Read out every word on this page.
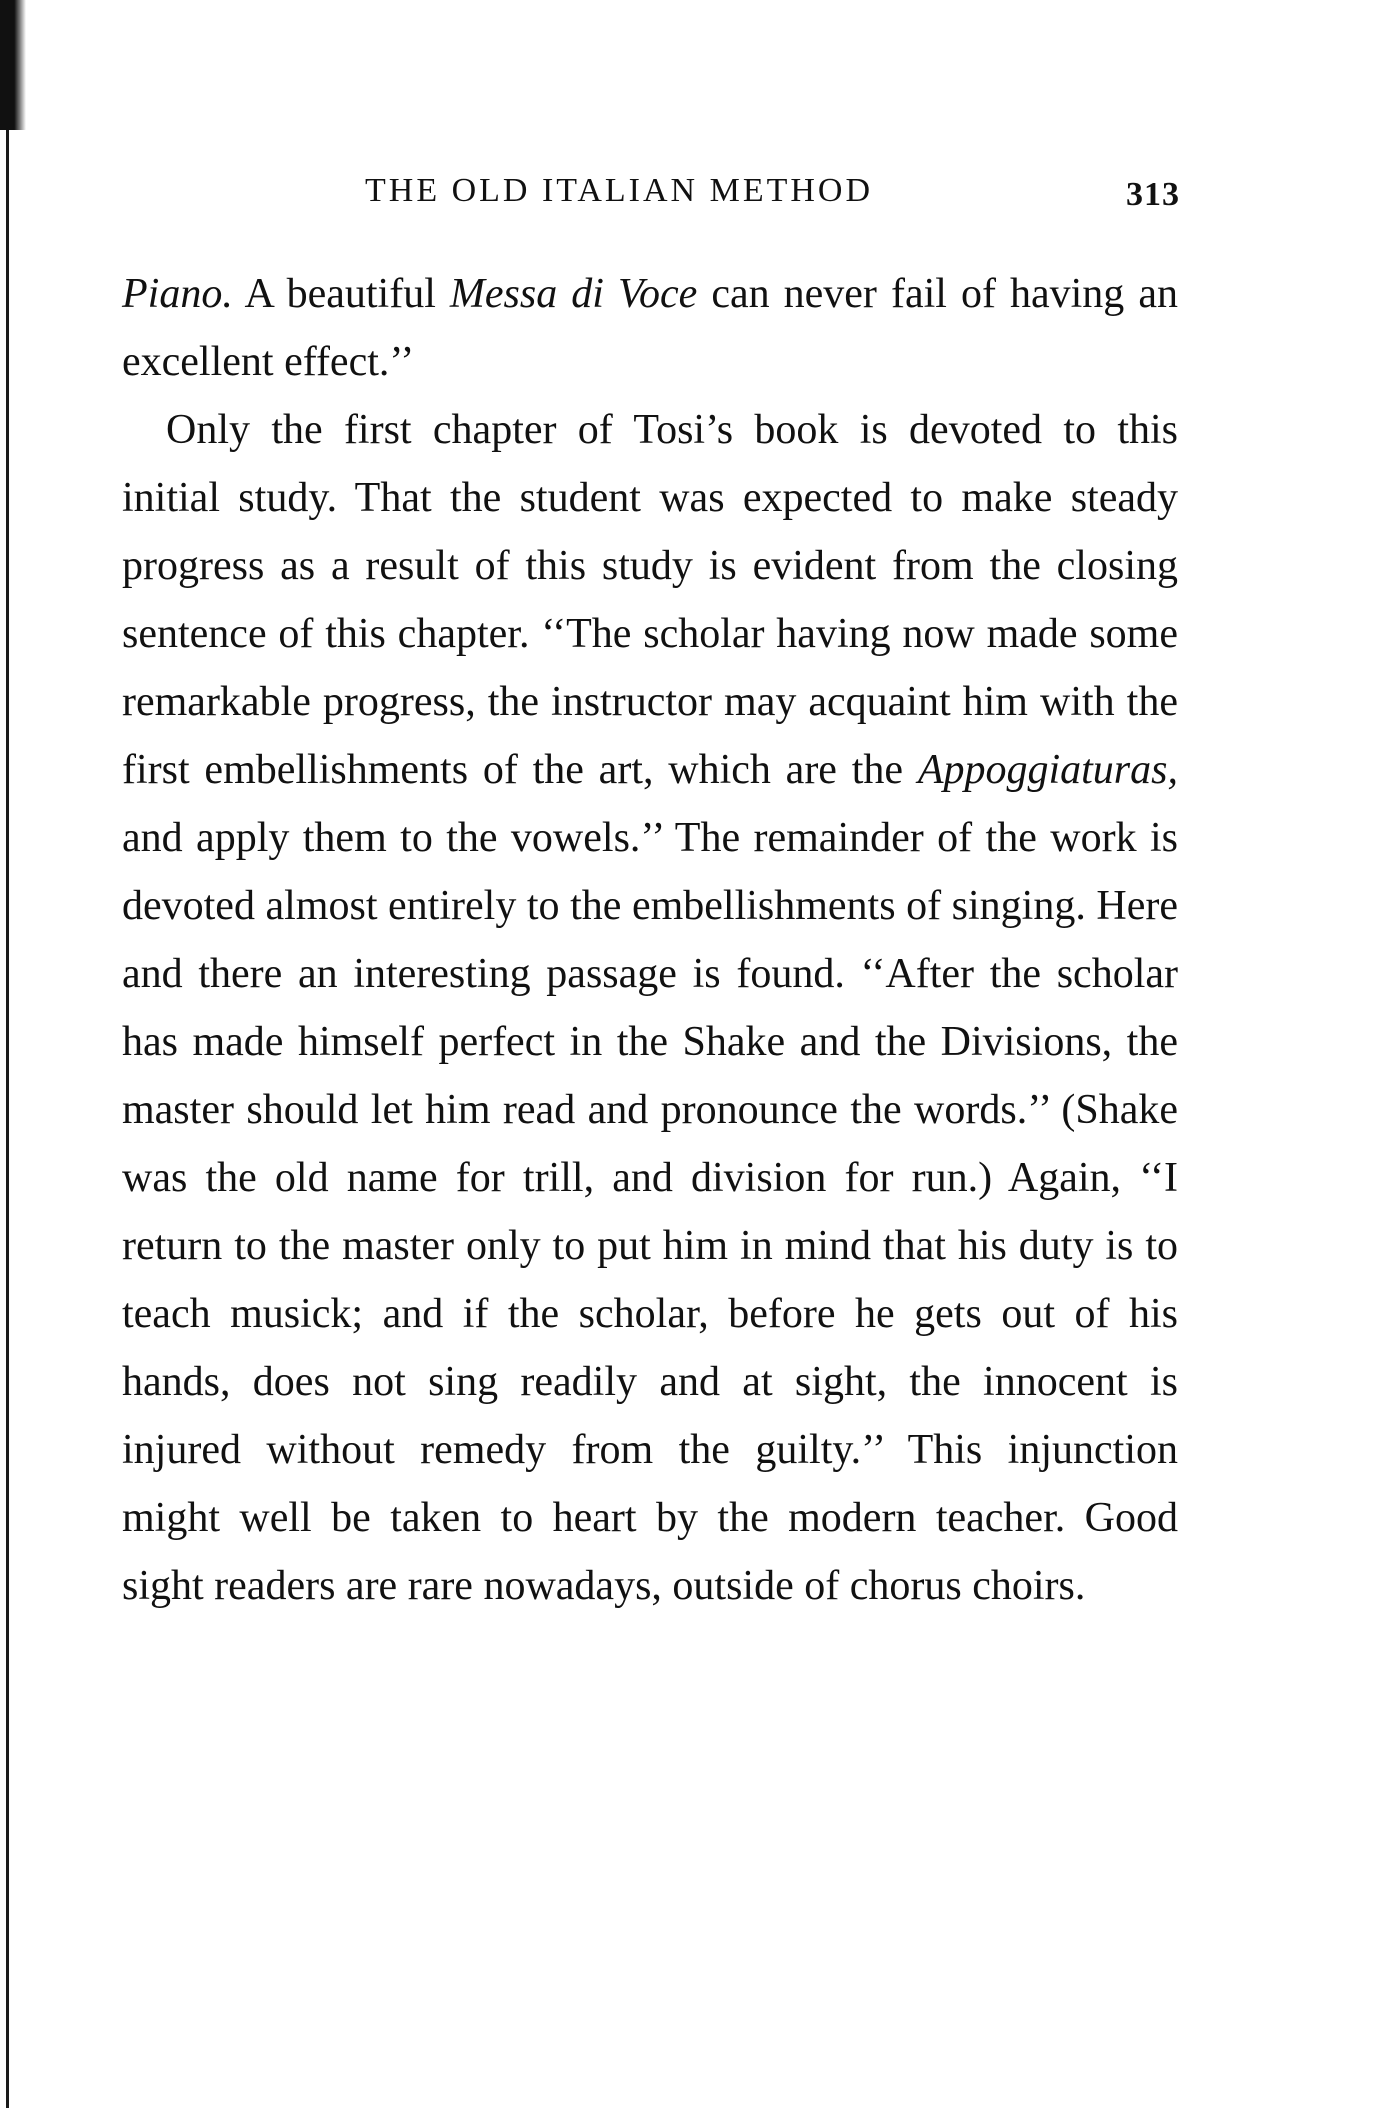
THE OLD ITALIAN METHOD	313

Piano. A beautiful Messa di Voce can never fail of having an excellent effect.’’

Only the first chapter of Tosi’s book is devoted to this initial study. That the student was expected to make steady progress as a result of this study is evident from the closing sentence of this chapter. ‘‘The scholar having now made some remarkable progress, the instructor may acquaint him with the first embellishments of the art, which are the Appoggiaturas, and apply them to the vowels.’’ The remainder of the work is devoted almost entirely to the embellishments of singing. Here and there an interesting passage is found. ‘‘After the scholar has made himself perfect in the Shake and the Divisions, the master should let him read and pronounce the words.’’ (Shake was the old name for trill, and division for run.) Again, ‘‘I return to the master only to put him in mind that his duty is to teach musick; and if the scholar, before he gets out of his hands, does not sing readily and at sight, the innocent is injured without remedy from the guilty.’’ This injunction might well be taken to heart by the modern teacher. Good sight readers are rare nowadays, outside of chorus choirs.
